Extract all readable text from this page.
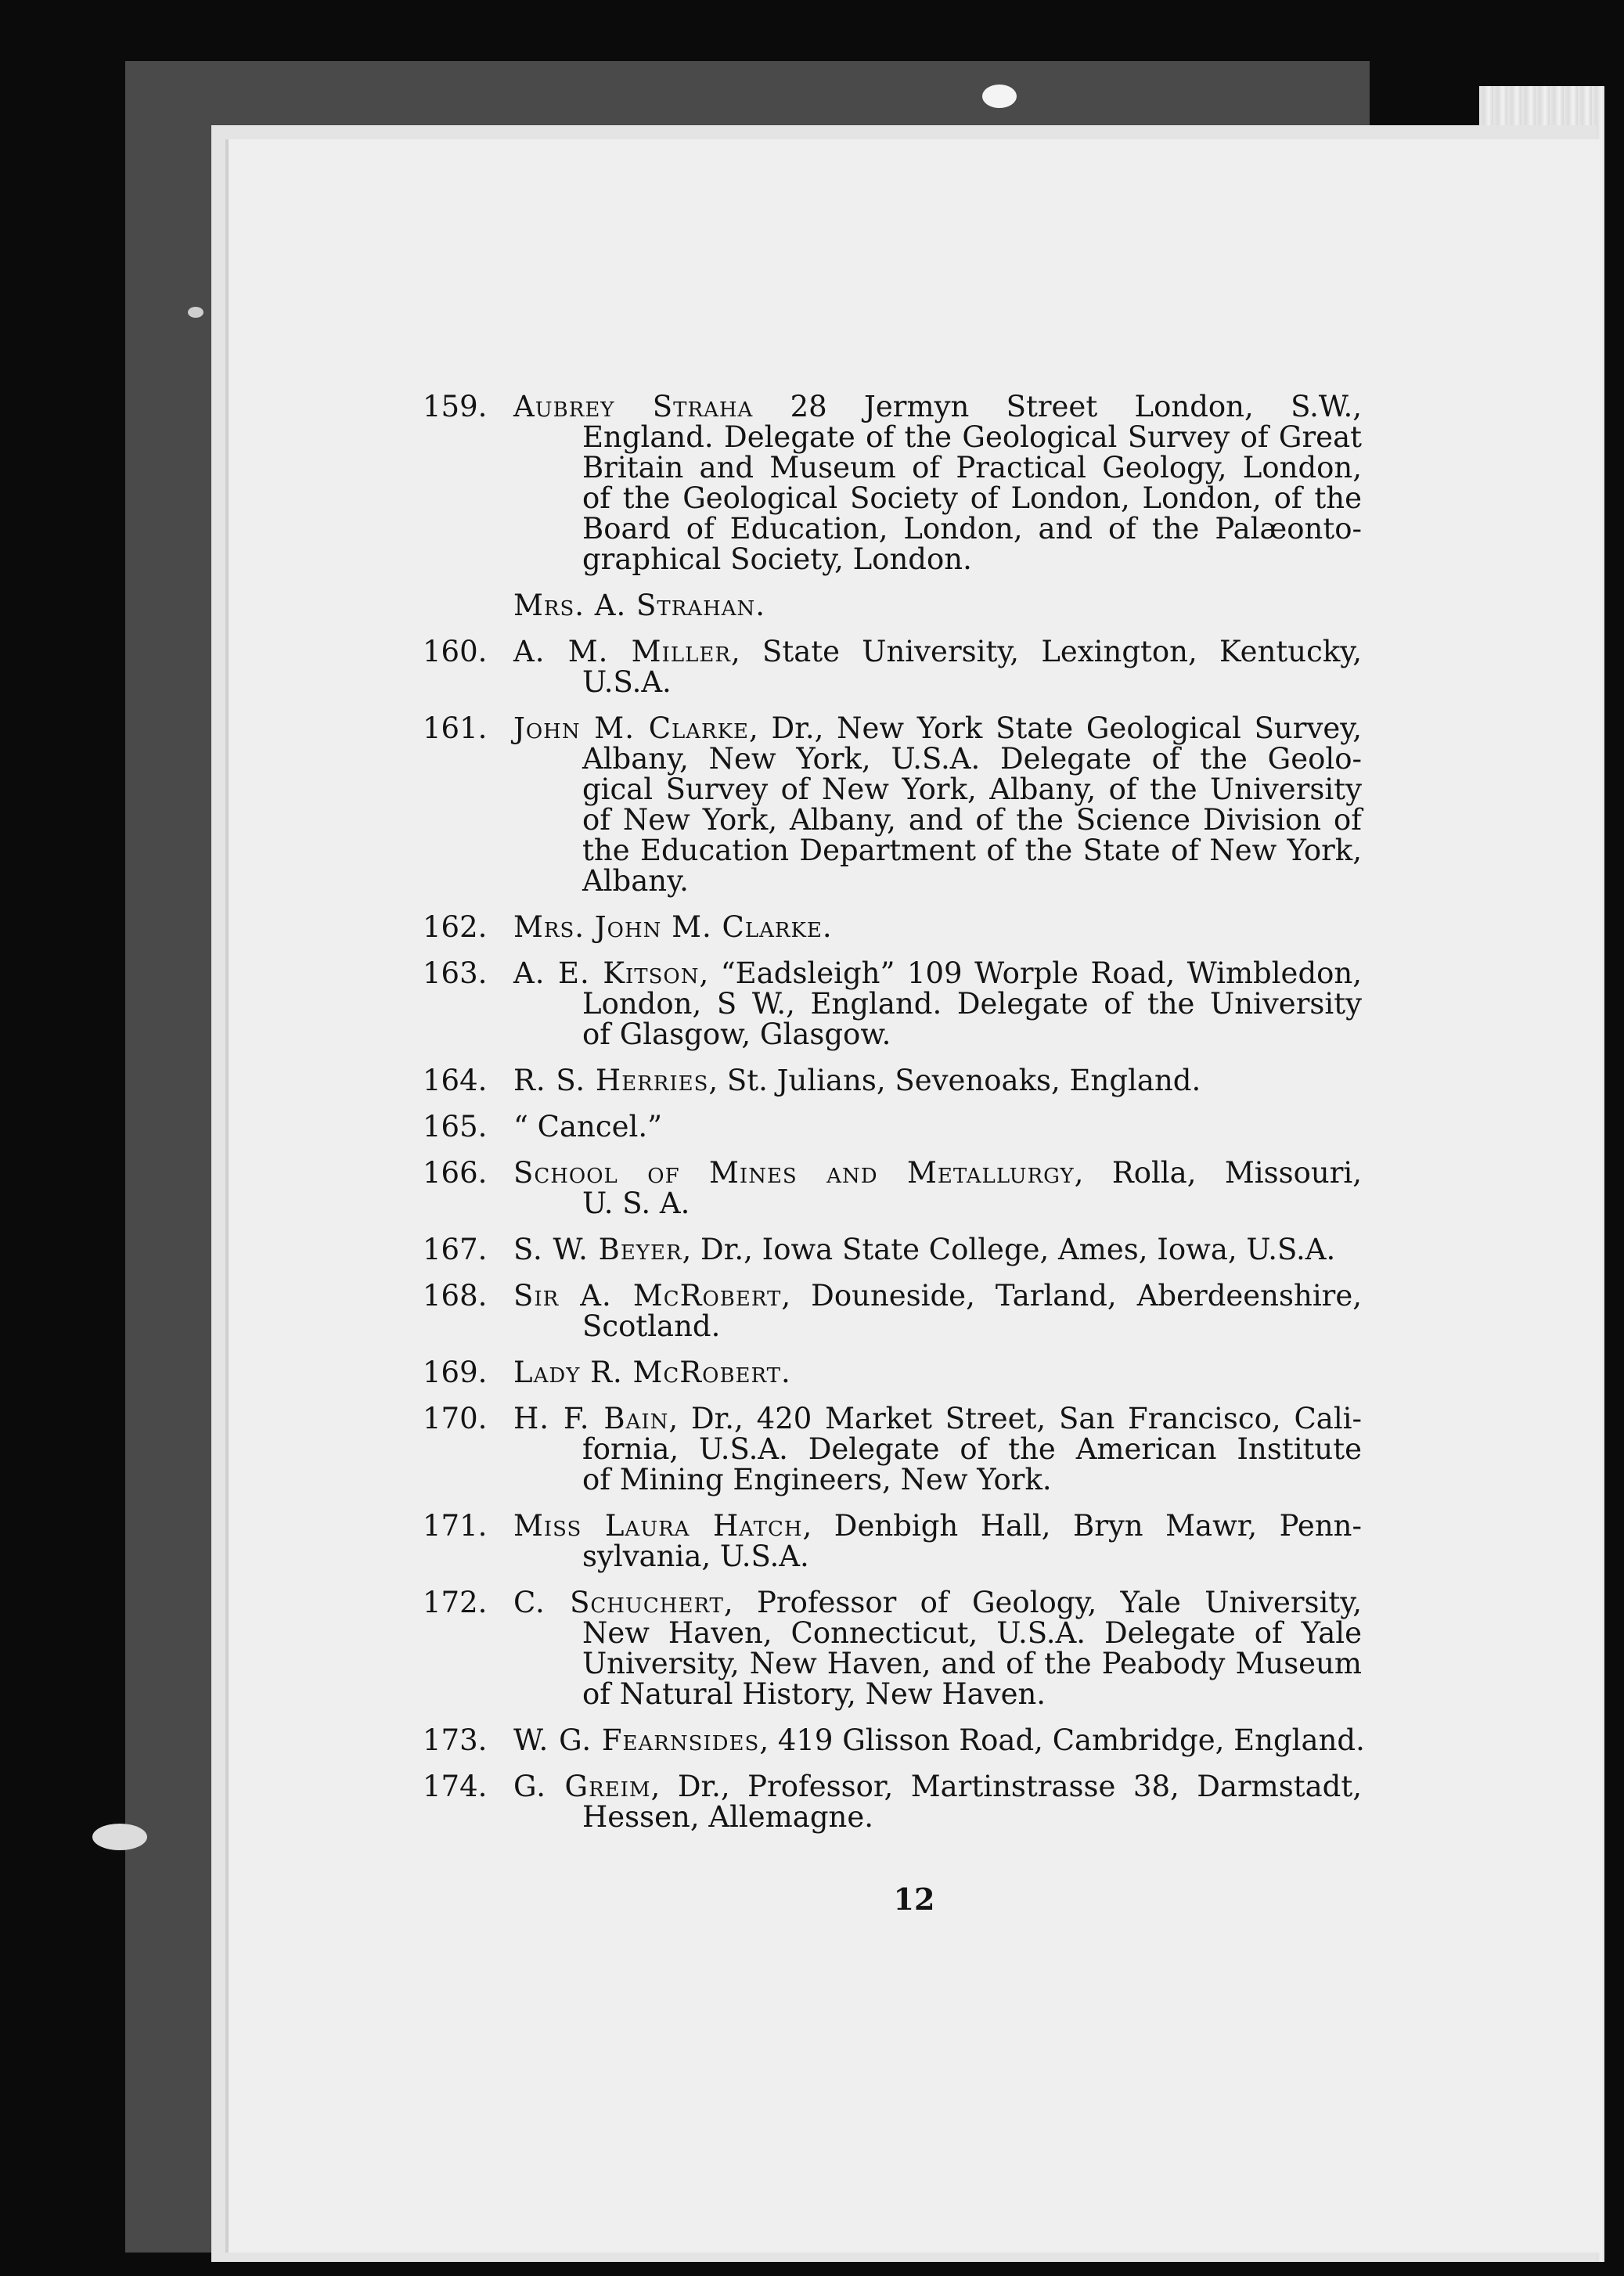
159. Aubrey Straha 28 Jermyn Street London, S.W.,
England. Delegate of the Geological Survey of Great
Britain and Museum of Practical Geology, London,
of the Geological Society of London, London, of the
Board of Education, London, and of the Palæonto-
graphical Society, London.
Mrs. A. Strahan.
160. A. M. Miller, State University, Lexington, Kentucky,
U.S.A.
161. John M. Clarke, Dr., New York State Geological Survey,
Albany, New York, U.S.A. Delegate of the Geolo-
gical Survey of New York, Albany, of the University
of New York, Albany, and of the Science Division of
the Education Department of the State of New York,
Albany.
162. Mrs. John M. Clarke.
163. A. E. Kitson, “Eadsleigh” 109 Worple Road, Wimbledon,
London, S W., England. Delegate of the University
of Glasgow, Glasgow.
164. R. S. Herries, St. Julians, Sevenoaks, England.
165. “ Cancel.”
166. School of Mines and Metallurgy, Rolla, Missouri,
U. S. A.
167. S. W. Beyer, Dr., Iowa State College, Ames, Iowa, U.S.A.
168. Sir A. McRobert, Douneside, Tarland, Aberdeenshire,
Scotland.
169. Lady R. McRobert.
170. H. F. Bain, Dr., 420 Market Street, San Francisco, Cali-
fornia, U.S.A. Delegate of the American Institute
of Mining Engineers, New York.
171. Miss Laura Hatch, Denbigh Hall, Bryn Mawr, Penn-
sylvania, U.S.A.
172. C. Schuchert, Professor of Geology, Yale University,
New Haven, Connecticut, U.S.A. Delegate of Yale
University, New Haven, and of the Peabody Museum
of Natural History, New Haven.
173. W. G. Fearnsides, 419 Glisson Road, Cambridge, England.
174. G. Greim, Dr., Professor, Martinstrasse 38, Darmstadt,
Hessen, Allemagne.
12
